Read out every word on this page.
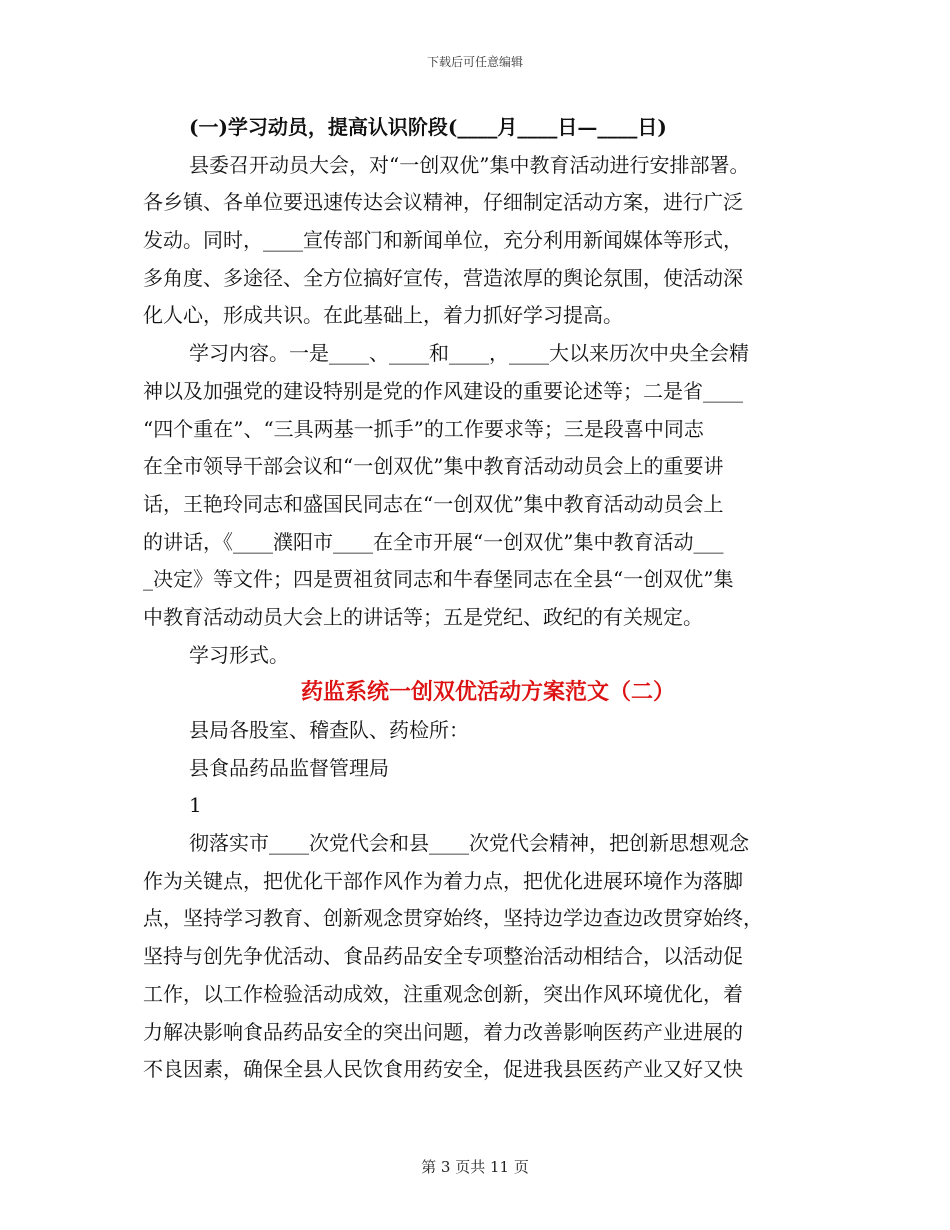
下载后可任意编辑
(一)学习动员，提高认识阶段(____月____日—____日)
县委召开动员大会，对“一创双优”集中教育活动进行安排部署。
各乡镇、各单位要迅速传达会议精神，仔细制定活动方案，进行广泛
发动。同时，____宣传部门和新闻单位，充分利用新闻媒体等形式，
多角度、多途径、全方位搞好宣传，营造浓厚的舆论氛围，使活动深
化人心，形成共识。在此基础上，着力抓好学习提高。
学习内容。一是____、____和____，____大以来历次中央全会精
神以及加强党的建设特别是党的作风建设的重要论述等；二是省____
“四个重在”、“三具两基一抓手”的工作要求等；三是段喜中同志
在全市领导干部会议和“一创双优”集中教育活动动员会上的重要讲
话，王艳玲同志和盛国民同志在“一创双优”集中教育活动动员会上
的讲话，《____濮阳市____在全市开展“一创双优”集中教育活动___
_决定》等文件；四是贾祖贫同志和牛春堡同志在全县“一创双优”集
中教育活动动员大会上的讲话等；五是党纪、政纪的有关规定。
学习形式。
药监系统一创双优活动方案范文（二）
县局各股室、稽查队、药检所：
县食品药品监督管理局
1
彻落实市____次党代会和县____次党代会精神，把创新思想观念
作为关键点，把优化干部作风作为着力点，把优化进展环境作为落脚
点，坚持学习教育、创新观念贯穿始终，坚持边学边查边改贯穿始终，
坚持与创先争优活动、食品药品安全专项整治活动相结合，以活动促
工作，以工作检验活动成效，注重观念创新，突出作风环境优化，着
力解决影响食品药品安全的突出问题，着力改善影响医药产业进展的
不良因素，确保全县人民饮食用药安全，促进我县医药产业又好又快
第 3 页共 11 页
